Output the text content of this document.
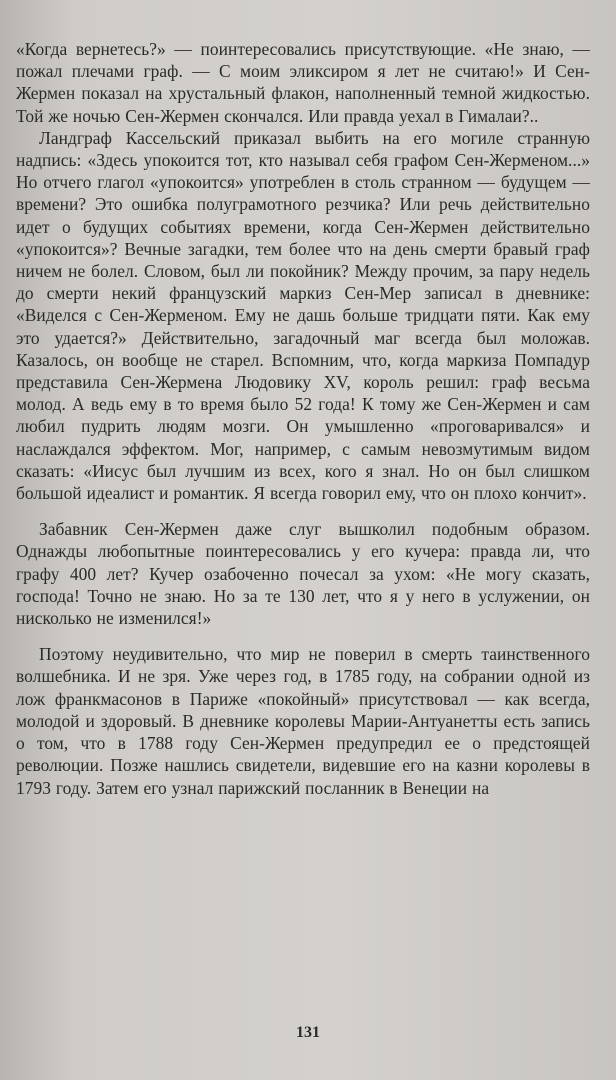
«Когда вернетесь?» — поинтересовались присутствующие. «Не знаю, — пожал плечами граф. — С моим эликсиром я лет не считаю!» И Сен-Жермен показал на хрустальный флакон, наполненный темной жидкостью. Той же ночью Сен-Жермен скончался. Или правда уехал в Гималаи?..

Ландграф Кассельский приказал выбить на его могиле странную надпись: «Здесь упокоится тот, кто называл себя графом Сен-Жерменом...» Но отчего глагол «упокоится» употреблен в столь странном — будущем — времени? Это ошибка полуграмотного резчика? Или речь действительно идет о будущих событиях времени, когда Сен-Жермен действительно «упокоится»? Вечные загадки, тем более что на день смерти бравый граф ничем не болел. Словом, был ли покойник? Между прочим, за пару недель до смерти некий французский маркиз Сен-Мер записал в дневнике: «Виделся с Сен-Жерменом. Ему не дашь больше тридцати пяти. Как ему это удается?» Действительно, загадочный маг всегда был моложав. Казалось, он вообще не старел. Вспомним, что, когда маркиза Помпадур представила Сен-Жермена Людовику XV, король решил: граф весьма молод. А ведь ему в то время было 52 года! К тому же Сен-Жермен и сам любил пудрить людям мозги. Он умышленно «проговаривался» и наслаждался эффектом. Мог, например, с самым невозмутимым видом сказать: «Иисус был лучшим из всех, кого я знал. Но он был слишком большой идеалист и романтик. Я всегда говорил ему, что он плохо кончит».

Забавник Сен-Жермен даже слуг вышколил подобным образом. Однажды любопытные поинтересовались у его кучера: правда ли, что графу 400 лет? Кучер озабоченно почесал за ухом: «Не могу сказать, господа! Точно не знаю. Но за те 130 лет, что я у него в услужении, он нисколько не изменился!»

Поэтому неудивительно, что мир не поверил в смерть таинственного волшебника. И не зря. Уже через год, в 1785 году, на собрании одной из лож франкмасонов в Париже «покойный» присутствовал — как всегда, молодой и здоровый. В дневнике королевы Марии-Антуанетты есть запись о том, что в 1788 году Сен-Жермен предупредил ее о предстоящей революции. Позже нашлись свидетели, видевшие его на казни королевы в 1793 году. Затем его узнал парижский посланник в Венеции на

131
